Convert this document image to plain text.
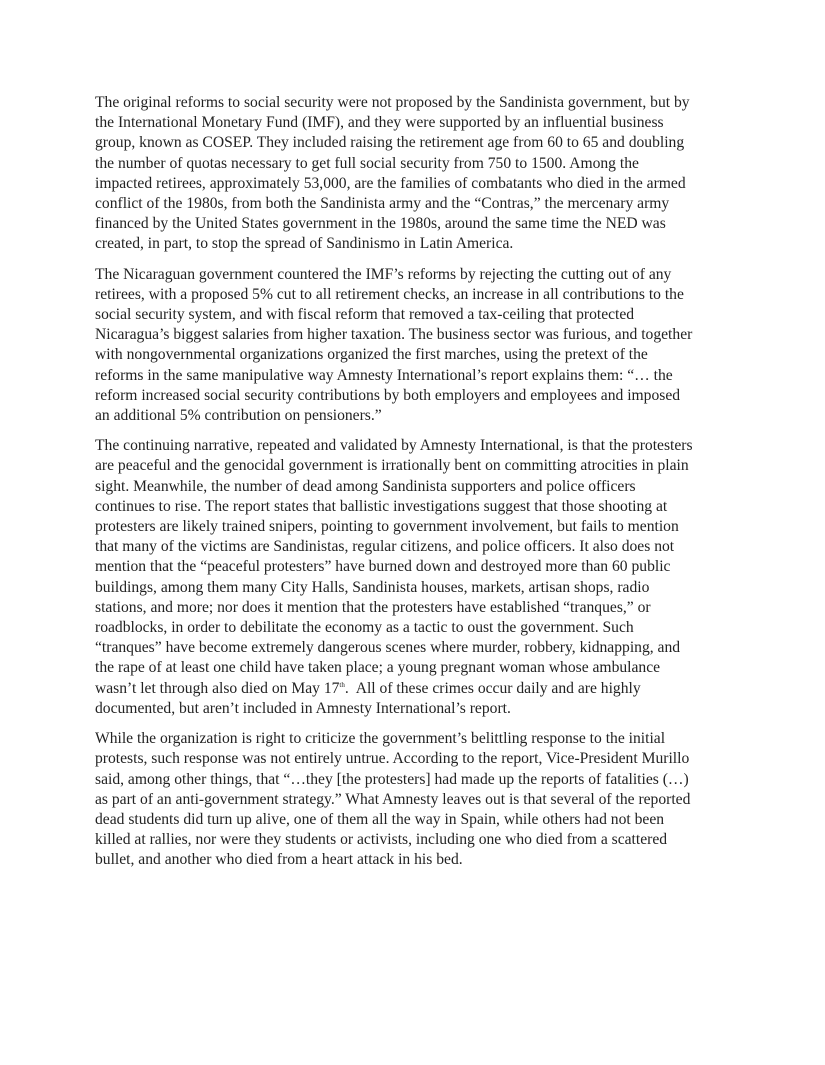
The original reforms to social security were not proposed by the Sandinista government, but by the International Monetary Fund (IMF), and they were supported by an influential business group, known as COSEP. They included raising the retirement age from 60 to 65 and doubling the number of quotas necessary to get full social security from 750 to 1500. Among the impacted retirees, approximately 53,000, are the families of combatants who died in the armed conflict of the 1980s, from both the Sandinista army and the “Contras,” the mercenary army financed by the United States government in the 1980s, around the same time the NED was created, in part, to stop the spread of Sandinismo in Latin America.

The Nicaraguan government countered the IMF’s reforms by rejecting the cutting out of any retirees, with a proposed 5% cut to all retirement checks, an increase in all contributions to the social security system, and with fiscal reform that removed a tax-ceiling that protected Nicaragua’s biggest salaries from higher taxation. The business sector was furious, and together with nongovernmental organizations organized the first marches, using the pretext of the reforms in the same manipulative way Amnesty International’s report explains them: “… the reform increased social security contributions by both employers and employees and imposed an additional 5% contribution on pensioners.”

The continuing narrative, repeated and validated by Amnesty International, is that the protesters are peaceful and the genocidal government is irrationally bent on committing atrocities in plain sight. Meanwhile, the number of dead among Sandinista supporters and police officers continues to rise. The report states that ballistic investigations suggest that those shooting at protesters are likely trained snipers, pointing to government involvement, but fails to mention that many of the victims are Sandinistas, regular citizens, and police officers. It also does not mention that the “peaceful protesters” have burned down and destroyed more than 60 public buildings, among them many City Halls, Sandinista houses, markets, artisan shops, radio stations, and more; nor does it mention that the protesters have established “tranques,” or roadblocks, in order to debilitate the economy as a tactic to oust the government. Such “tranques” have become extremely dangerous scenes where murder, robbery, kidnapping, and the rape of at least one child have taken place; a young pregnant woman whose ambulance wasn’t let through also died on May 17th.  All of these crimes occur daily and are highly documented, but aren’t included in Amnesty International’s report.

While the organization is right to criticize the government’s belittling response to the initial protests, such response was not entirely untrue. According to the report, Vice-President Murillo said, among other things, that “…they [the protesters] had made up the reports of fatalities (…) as part of an anti-government strategy.” What Amnesty leaves out is that several of the reported dead students did turn up alive, one of them all the way in Spain, while others had not been killed at rallies, nor were they students or activists, including one who died from a scattered bullet, and another who died from a heart attack in his bed.
